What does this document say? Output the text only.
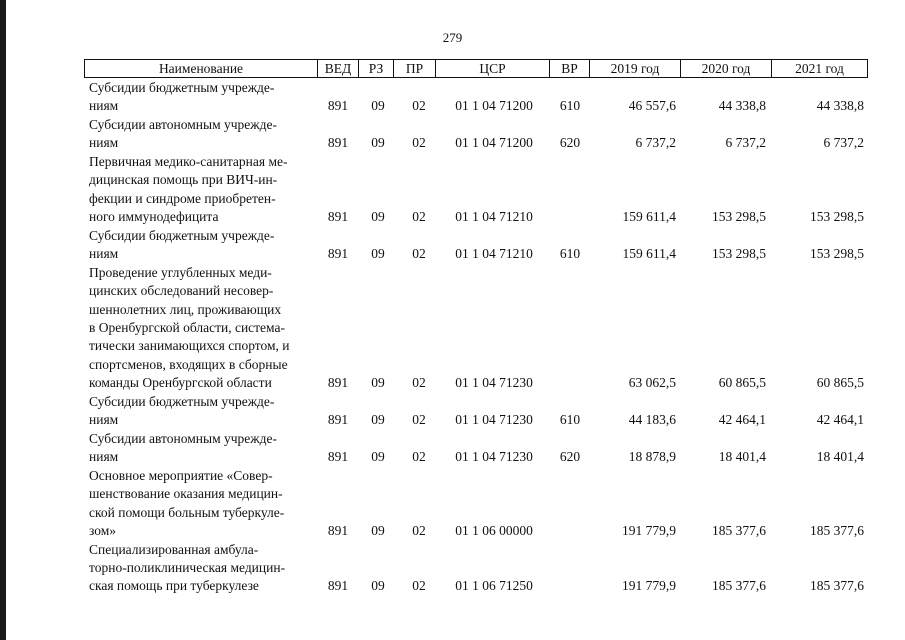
279
Наименование	ВЕД	РЗ	ПР	ЦСР	ВР	2019 год	2020 год	2021 год
Субсидии бюджетным учрежде-
ниям	891	09	02	01 1 04 71200	610	46 557,6	44 338,8	44 338,8
Субсидии автономным учрежде-
ниям	891	09	02	01 1 04 71200	620	6 737,2	6 737,2	6 737,2
Первичная медико-санитарная ме-
дицинская помощь при ВИЧ-ин-
фекции и синдроме приобретен-
ного иммунодефицита	891	09	02	01 1 04 71210	159 611,4	153 298,5	153 298,5
Субсидии бюджетным учрежде-
ниям	891	09	02	01 1 04 71210	610	159 611,4	153 298,5	153 298,5
Проведение углубленных меди-
цинских обследований несовер-
шеннолетних лиц, проживающих
в Оренбургской области, система-
тически занимающихся спортом, и
спортсменов, входящих в сборные
команды Оренбургской области	891	09	02	01 1 04 71230	63 062,5	60 865,5	60 865,5
Субсидии бюджетным учрежде-
ниям	891	09	02	01 1 04 71230	610	44 183,6	42 464,1	42 464,1
Субсидии автономным учрежде-
ниям	891	09	02	01 1 04 71230	620	18 878,9	18 401,4	18 401,4
Основное мероприятие «Совер-
шенствование оказания медицин-
ской помощи больным туберкуле-
зом»	891	09	02	01 1 06 00000	191 779,9	185 377,6	185 377,6
Специализированная амбула-
торно-поликлиническая медицин-
ская помощь при туберкулезе	891	09	02	01 1 06 71250	191 779,9	185 377,6	185 377,6
